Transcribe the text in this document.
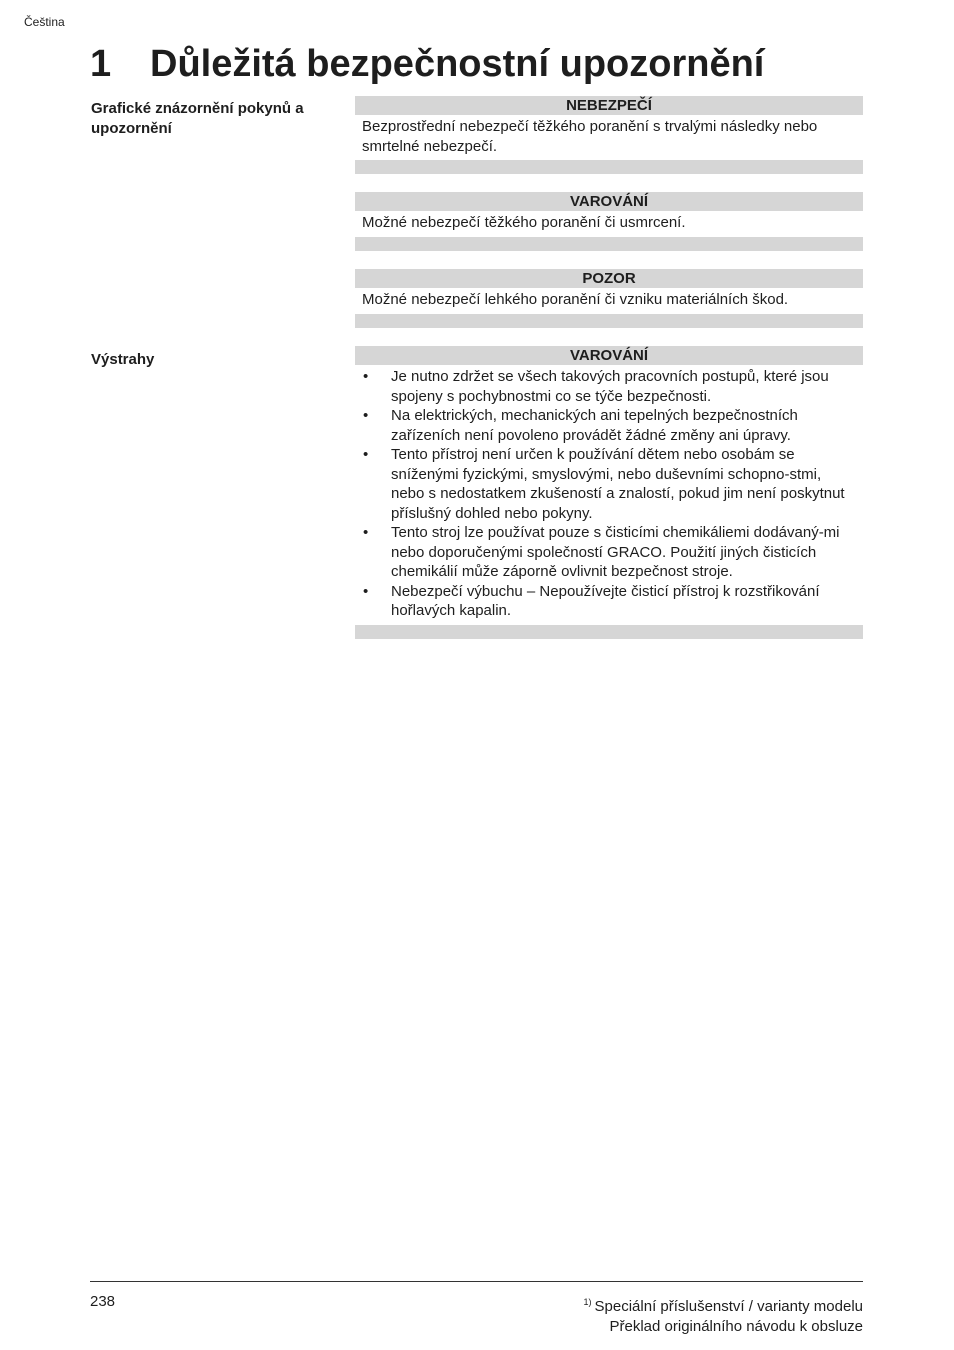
Čeština
1 Důležitá bezpečnostní upozornění
Grafické znázornění pokynů a upozornění
Výstrahy
NEBEZPEČÍ
Bezprostřední nebezpečí těžkého poranění s trvalými následky nebo smrtelné nebezpečí.
VAROVÁNÍ
Možné nebezpečí těžkého poranění či usmrcení.
POZOR
Možné nebezpečí lehkého poranění či vzniku materiálních škod.
VAROVÁNÍ
• Je nutno zdržet se všech takových pracovních postupů, které jsou spojeny s pochybnostmi co se týče bezpečnosti.
• Na elektrických, mechanických ani tepelných bezpečnostních zařízeních není povoleno provádět žádné změny ani úpravy.
• Tento přístroj není určen k používání dětem nebo osobám se sníženými fyzickými, smyslovými, nebo duševními schopno-stmi, nebo s nedostatkem zkušeností a znalostí, pokud jim není poskytnut příslušný dohled nebo pokyny.
• Tento stroj lze používat pouze s čisticími chemikáliemi dodávaný-mi nebo doporučenými společností GRACO. Použití jiných čisticích chemikálií může záporně ovlivnit bezpečnost stroje.
• Nebezpečí výbuchu – Nepoužívejte čisticí přístroj k rozstřikování hořlavých kapalin.
238	$^{1)}$ Speciální příslušenství / varianty modelu
Překlad originálního návodu k obsluze
